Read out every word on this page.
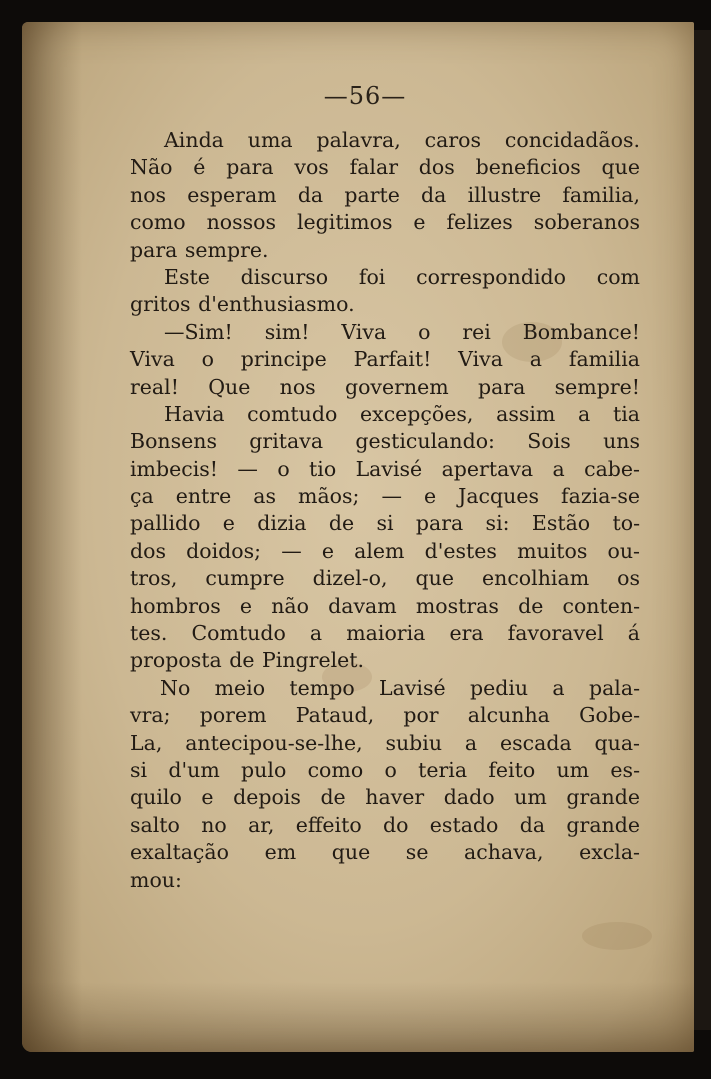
—56—
Ainda uma palavra, caros concidadãos.
Não é para vos falar dos beneficios que
nos esperam da parte da illustre familia,
como nossos legitimos e felizes soberanos
para sempre.
Este discurso foi correspondido com
gritos d'enthusiasmo.
—Sim! sim! Viva o rei Bombance!
Viva o principe Parfait! Viva a familia
real! Que nos governem para sempre!
Havia comtudo excepções, assim a tia
Bonsens gritava gesticulando: Sois uns
imbecis! — o tio Lavisé apertava a cabe-
ça entre as mãos; — e Jacques fazia-se
pallido e dizia de si para si: Estão to-
dos doidos; — e alem d'estes muitos ou-
tros, cumpre dizel-o, que encolhiam os
hombros e não davam mostras de conten-
tes. Comtudo a maioria era favoravel á
proposta de Pingrelet.
No meio tempo Lavisé pediu a pala-
vra; porem Pataud, por alcunha Gobe-
La, antecipou-se-lhe, subiu a escada qua-
si d'um pulo como o teria feito um es-
quilo e depois de haver dado um grande
salto no ar, effeito do estado da grande
exaltação em que se achava, excla-
mou:
